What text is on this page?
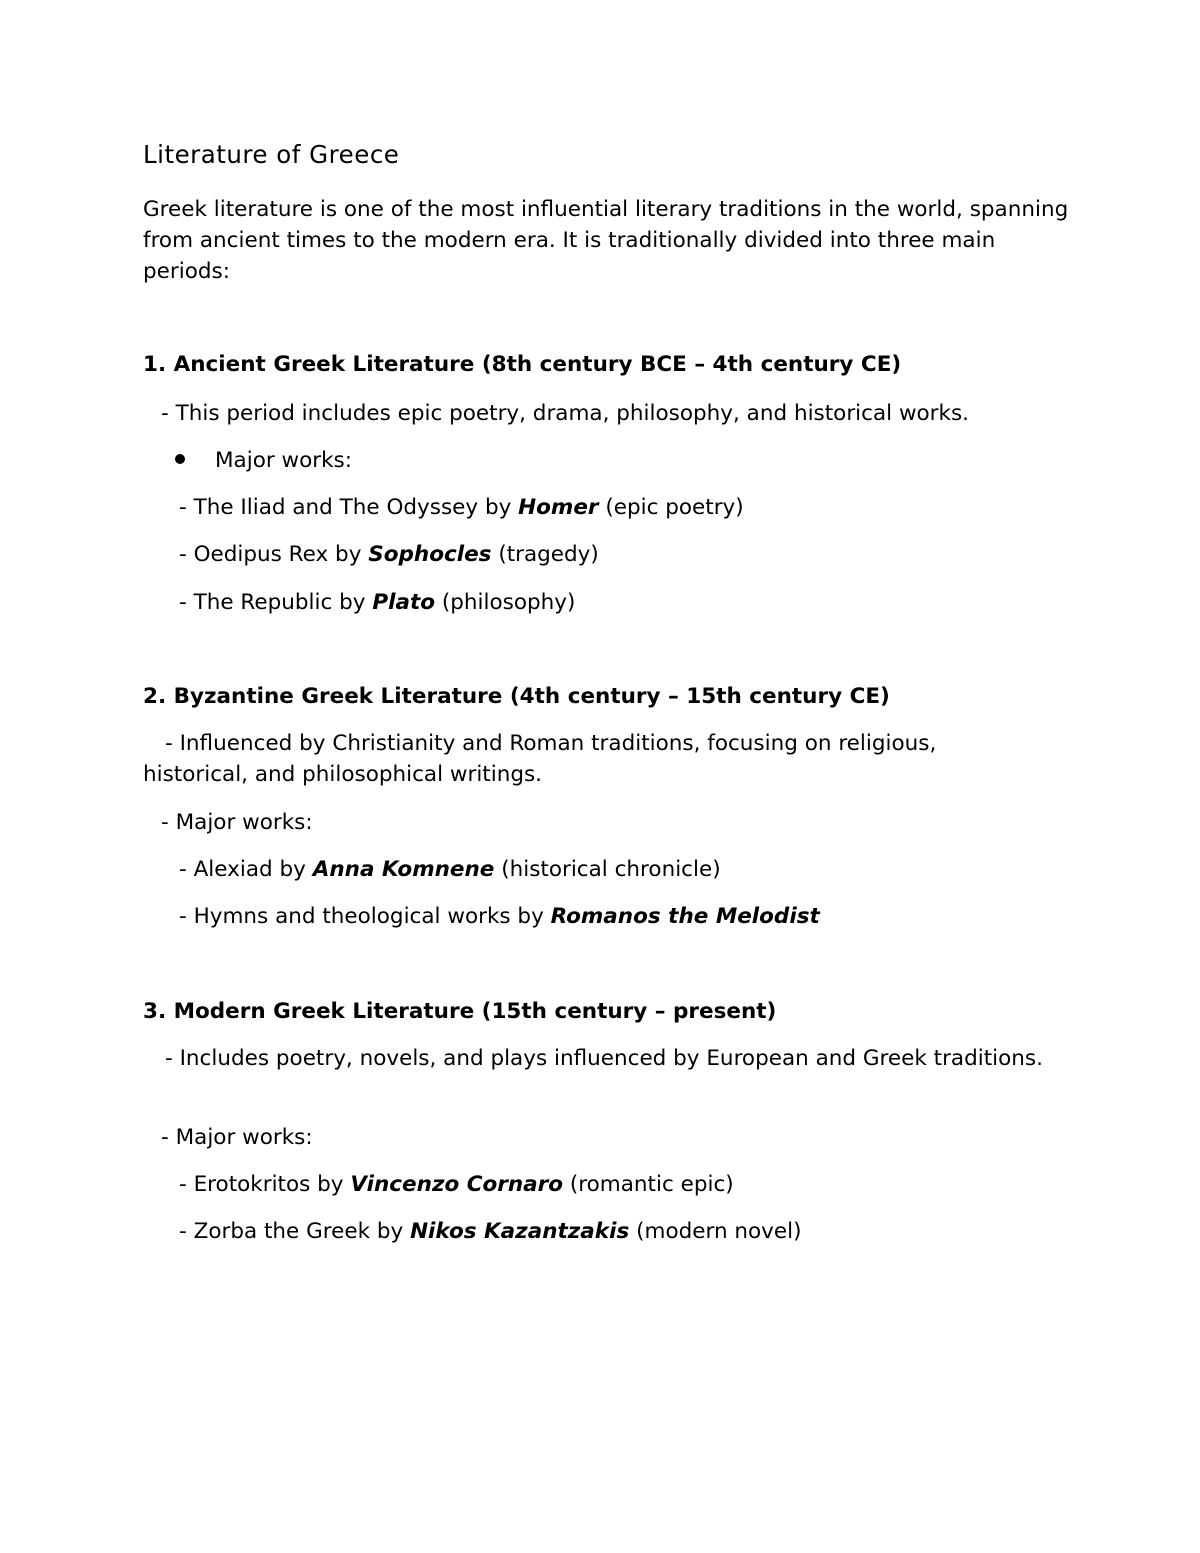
Literature of Greece

Greek literature is one of the most influential literary traditions in the world, spanning from ancient times to the modern era. It is traditionally divided into three main periods:

1. Ancient Greek Literature (8th century BCE – 4th century CE)

- This period includes epic poetry, drama, philosophy, and historical works.

Major works:

- The Iliad and The Odyssey by Homer (epic poetry)

- Oedipus Rex by Sophocles (tragedy)

- The Republic by Plato (philosophy)

2. Byzantine Greek Literature (4th century – 15th century CE)

- Influenced by Christianity and Roman traditions, focusing on religious, historical, and philosophical writings.

- Major works:

- Alexiad by Anna Komnene (historical chronicle)

- Hymns and theological works by Romanos the Melodist

3. Modern Greek Literature (15th century – present)

- Includes poetry, novels, and plays influenced by European and Greek traditions.

- Major works:

- Erotokritos by Vincenzo Cornaro (romantic epic)

- Zorba the Greek by Nikos Kazantzakis (modern novel)
